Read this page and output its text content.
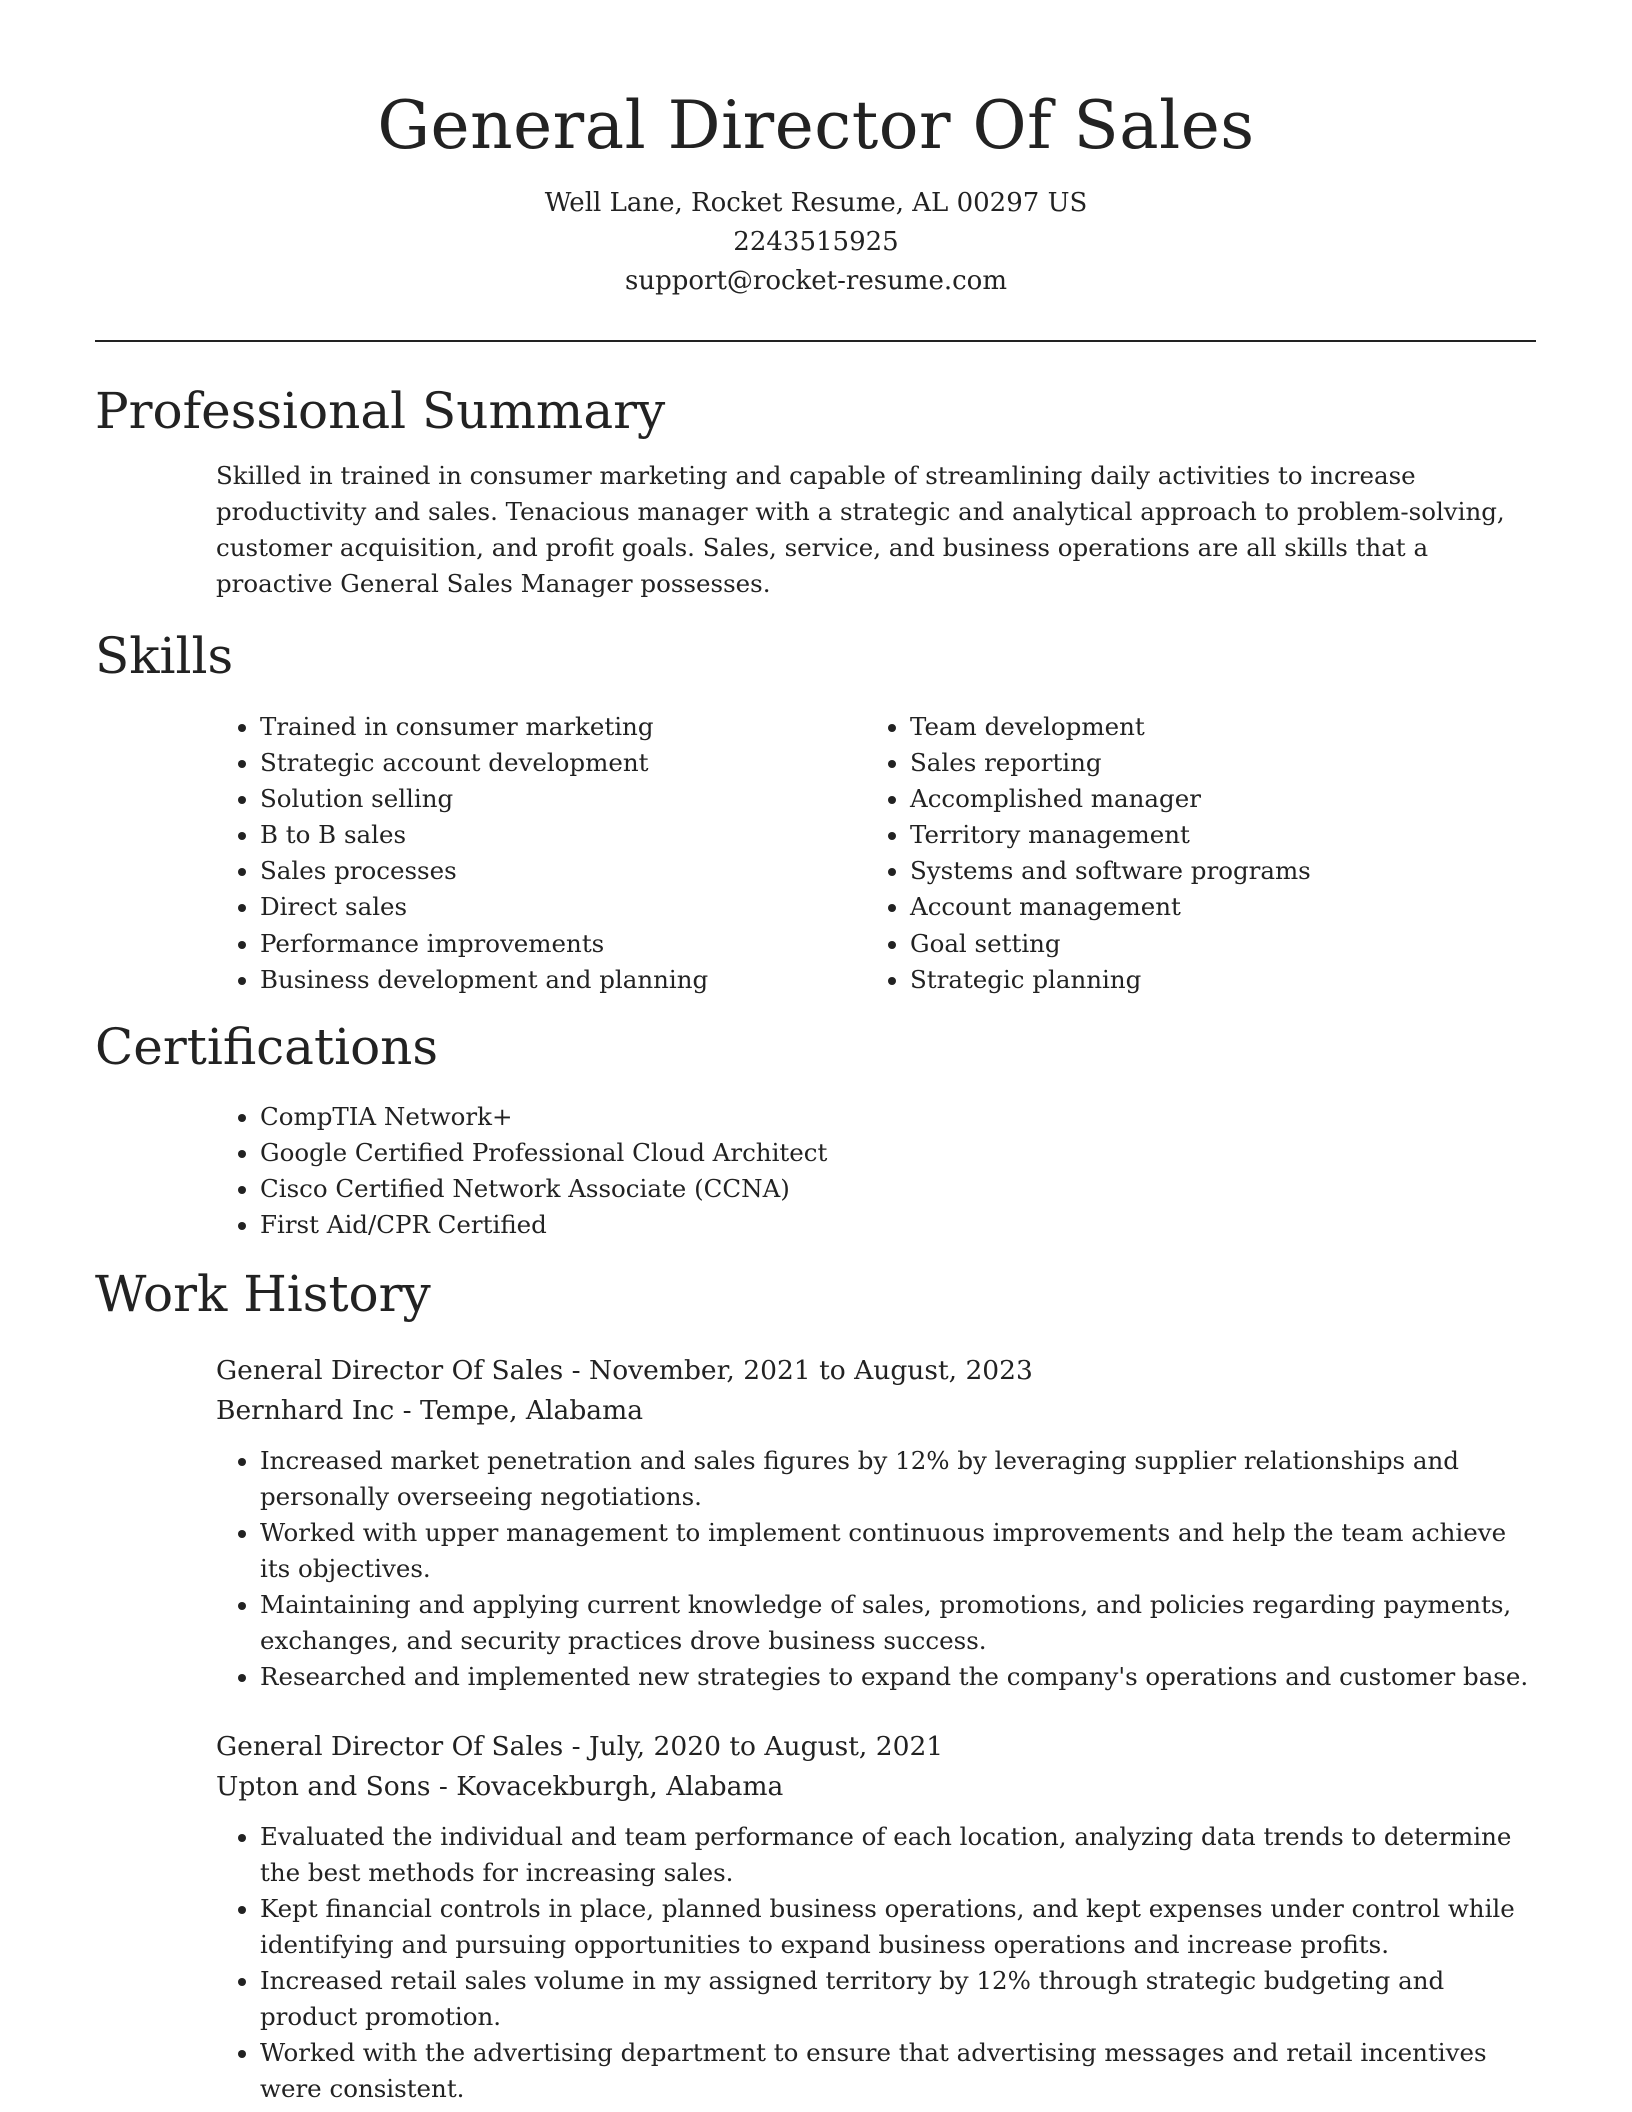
General Director Of Sales

Well Lane, Rocket Resume, AL 00297 US

2243515925

support@rocket-resume.com

Professional Summary

Skilled in trained in consumer marketing and capable of streamlining daily activities to increase productivity and sales. Tenacious manager with a strategic and analytical approach to problem-solving, customer acquisition, and profit goals. Sales, service, and business operations are all skills that a proactive General Sales Manager possesses.

Skills
• Trained in consumer marketing
• Strategic account development
• Solution selling
• B to B sales
• Sales processes
• Direct sales
• Performance improvements
• Business development and planning
• Team development
• Sales reporting
• Accomplished manager
• Territory management
• Systems and software programs
• Account management
• Goal setting
• Strategic planning
Certifications
• CompTIA Network+
• Google Certified Professional Cloud Architect
• Cisco Certified Network Associate (CCNA)
• First Aid/CPR Certified
Work History

General Director Of Sales - November, 2021 to August, 2023

Bernhard Inc - Tempe, Alabama

• Increased market penetration and sales figures by 12% by leveraging supplier relationships and personally overseeing negotiations.
• Worked with upper management to implement continuous improvements and help the team achieve its objectives.
• Maintaining and applying current knowledge of sales, promotions, and policies regarding payments, exchanges, and security practices drove business success.
• Researched and implemented new strategies to expand the company's operations and customer base.

General Director Of Sales - July, 2020 to August, 2021

Upton and Sons - Kovacekburgh, Alabama

• Evaluated the individual and team performance of each location, analyzing data trends to determine the best methods for increasing sales.
• Kept financial controls in place, planned business operations, and kept expenses under control while identifying and pursuing opportunities to expand business operations and increase profits.
• Increased retail sales volume in my assigned territory by 12% through strategic budgeting and product promotion.
• Worked with the advertising department to ensure that advertising messages and retail incentives were consistent.
